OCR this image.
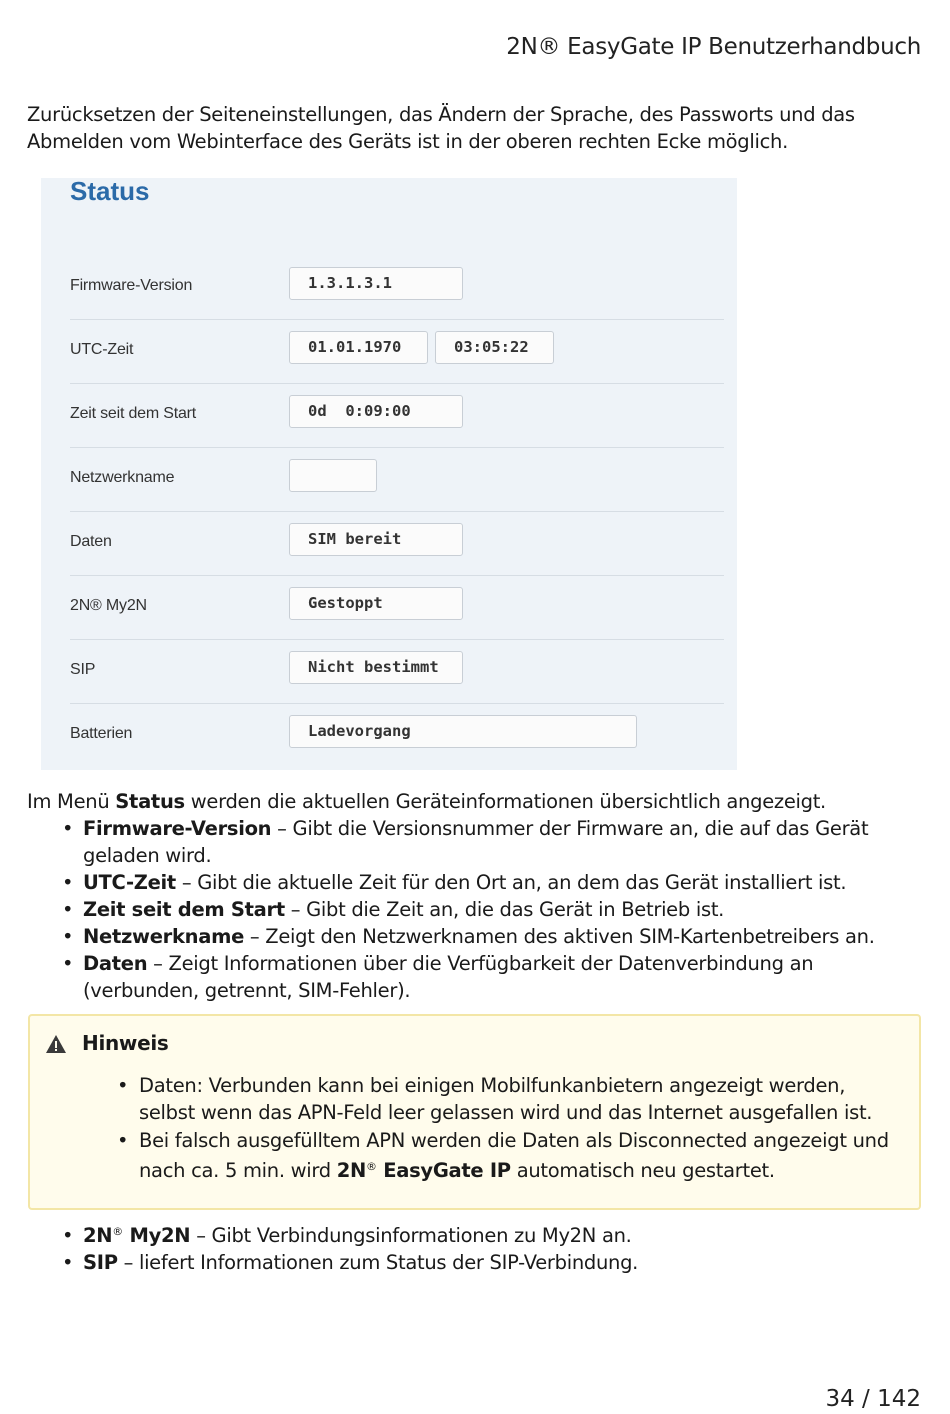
2N® EasyGate IP Benutzerhandbuch

Zurücksetzen der Seiteneinstellungen, das Ändern der Sprache, des Passworts und das Abmelden vom Webinterface des Geräts ist in der oberen rechten Ecke möglich.

Status
Firmware-Version	1.3.1.3.1
UTC-Zeit	01.01.1970	03:05:22
Zeit seit dem Start	0d  0:09:00
Netzwerkname
Daten	SIM bereit
2N® My2N	Gestoppt
SIP	Nicht bestimmt
Batterien	Ladevorgang

Im Menü Status werden die aktuellen Geräteinformationen übersichtlich angezeigt.

• Firmware-Version – Gibt die Versionsnummer der Firmware an, die auf das Gerät geladen wird.
• UTC-Zeit – Gibt die aktuelle Zeit für den Ort an, an dem das Gerät installiert ist.
• Zeit seit dem Start – Gibt die Zeit an, die das Gerät in Betrieb ist.
• Netzwerkname – Zeigt den Netzwerknamen des aktiven SIM-Kartenbetreibers an.
• Daten – Zeigt Informationen über die Verfügbarkeit der Datenverbindung an (verbunden, getrennt, SIM-Fehler).
Hinweis
• Daten: Verbunden kann bei einigen Mobilfunkanbietern angezeigt werden, selbst wenn das APN-Feld leer gelassen wird und das Internet ausgefallen ist.
• Bei falsch ausgefülltem APN werden die Daten als Disconnected angezeigt und nach ca. 5 min. wird 2N® EasyGate IP automatisch neu gestartet.
• 2N® My2N – Gibt Verbindungsinformationen zu My2N an.
• SIP – liefert Informationen zum Status der SIP-Verbindung.
34 / 142
